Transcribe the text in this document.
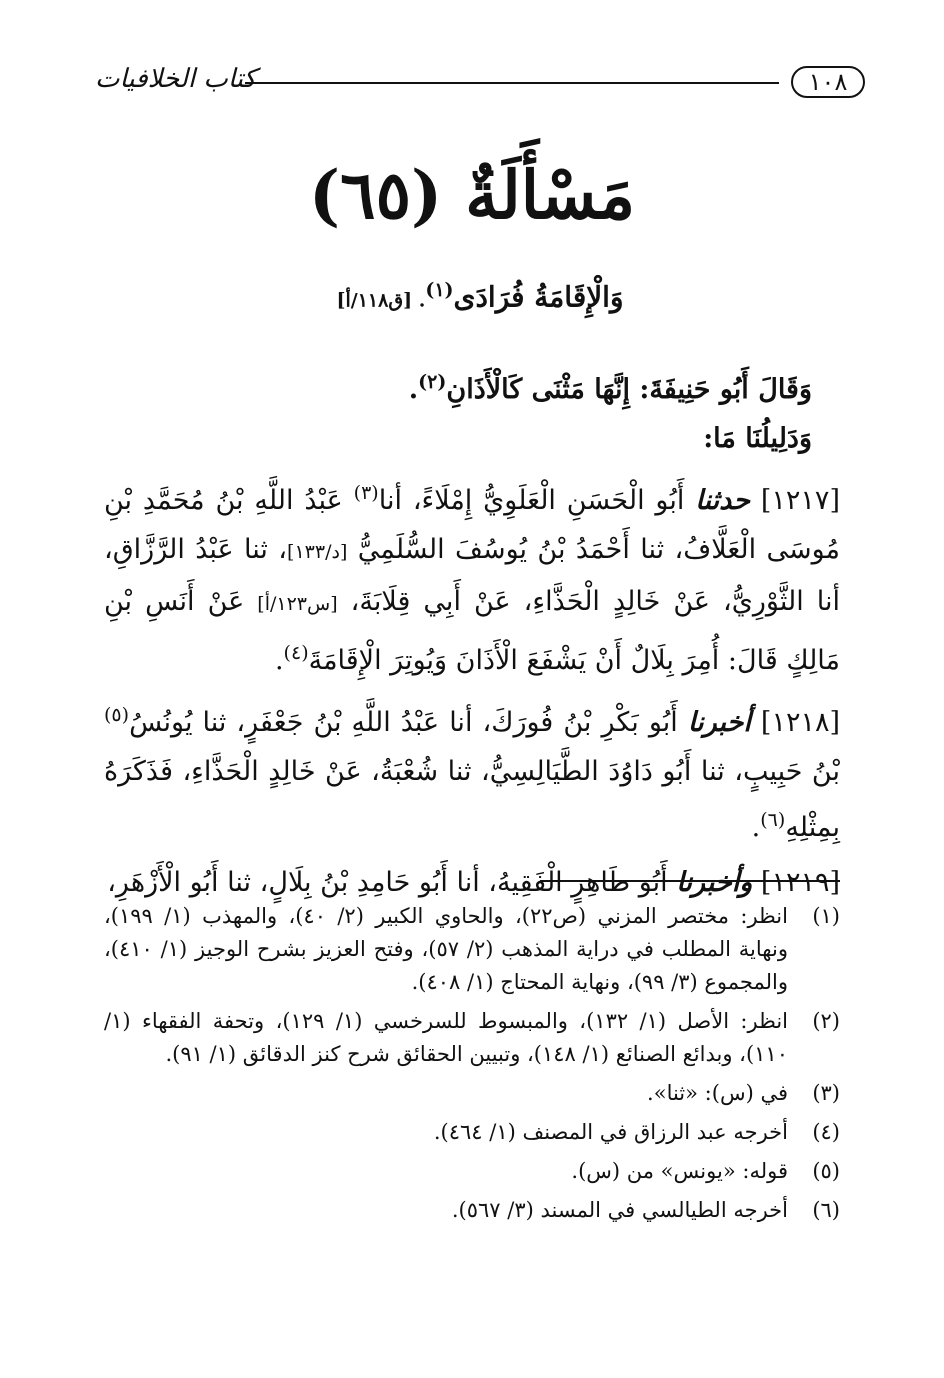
١٠٨
كتاب الخلافيات
مَسْأَلَةٌ (٦٥)
وَالْإِقَامَةُ فُرَادَى$^{(١)}$. [ق١١٨/أ]

وَقَالَ أَبُو حَنِيفَةَ: إِنَّهَا مَثْنَى كَالْأَذَانِ$^{(٢)}$.

وَدَلِيلُنَا مَا:

[١٢١٧] حدثنا أَبُو الْحَسَنِ الْعَلَوِيُّ إِمْلَاءً، أنا$^{(٣)}$ عَبْدُ اللَّهِ بْنُ مُحَمَّدِ بْنِ مُوسَى الْعَلَّافُ، ثنا أَحْمَدُ بْنُ يُوسُفَ السُّلَمِيُّ [د/١٣٣]، ثنا عَبْدُ الرَّزَّاقِ، أنا الثَّوْرِيُّ، عَنْ خَالِدٍ الْحَذَّاءِ، عَنْ أَبِي قِلَابَةَ، [س١٢٣/أ] عَنْ أَنَسِ بْنِ مَالِكٍ قَالَ: أُمِرَ بِلَالٌ أَنْ يَشْفَعَ الْأَذَانَ وَيُوتِرَ الْإِقَامَةَ$^{(٤)}$.

[١٢١٨] أخبرنا أَبُو بَكْرِ بْنُ فُورَكَ، أنا عَبْدُ اللَّهِ بْنُ جَعْفَرٍ، ثنا يُونُسُ$^{(٥)}$ بْنُ حَبِيبٍ، ثنا أَبُو دَاوُدَ الطَّيَالِسِيُّ، ثنا شُعْبَةُ، عَنْ خَالِدٍ الْحَذَّاءِ، فَذَكَرَهُ بِمِثْلِهِ$^{(٦)}$.

[١٢١٩] وأخبرنا أَبُو طَاهِرٍ الْفَقِيهُ، أنا أَبُو حَامِدِ بْنُ بِلَالٍ، ثنا أَبُو الْأَزْهَرِ،

(١)
انظر: مختصر المزني (ص٢٢)، والحاوي الكبير (٢/ ٤٠)، والمهذب (١/ ١٩٩)، ونهاية المطلب في دراية المذهب (٢/ ٥٧)، وفتح العزيز بشرح الوجيز (١/ ٤١٠)، والمجموع (٣/ ٩٩)، ونهاية المحتاج (١/ ٤٠٨).
(٢)
انظر: الأصل (١/ ١٣٢)، والمبسوط للسرخسي (١/ ١٢٩)، وتحفة الفقهاء (١/ ١١٠)، وبدائع الصنائع (١/ ١٤٨)، وتبيين الحقائق شرح كنز الدقائق (١/ ٩١).
(٣)
في (س): «ثنا».
(٤)
أخرجه عبد الرزاق في المصنف (١/ ٤٦٤).
(٥)
قوله: «يونس» من (س).
(٦)
أخرجه الطيالسي في المسند (٣/ ٥٦٧).
